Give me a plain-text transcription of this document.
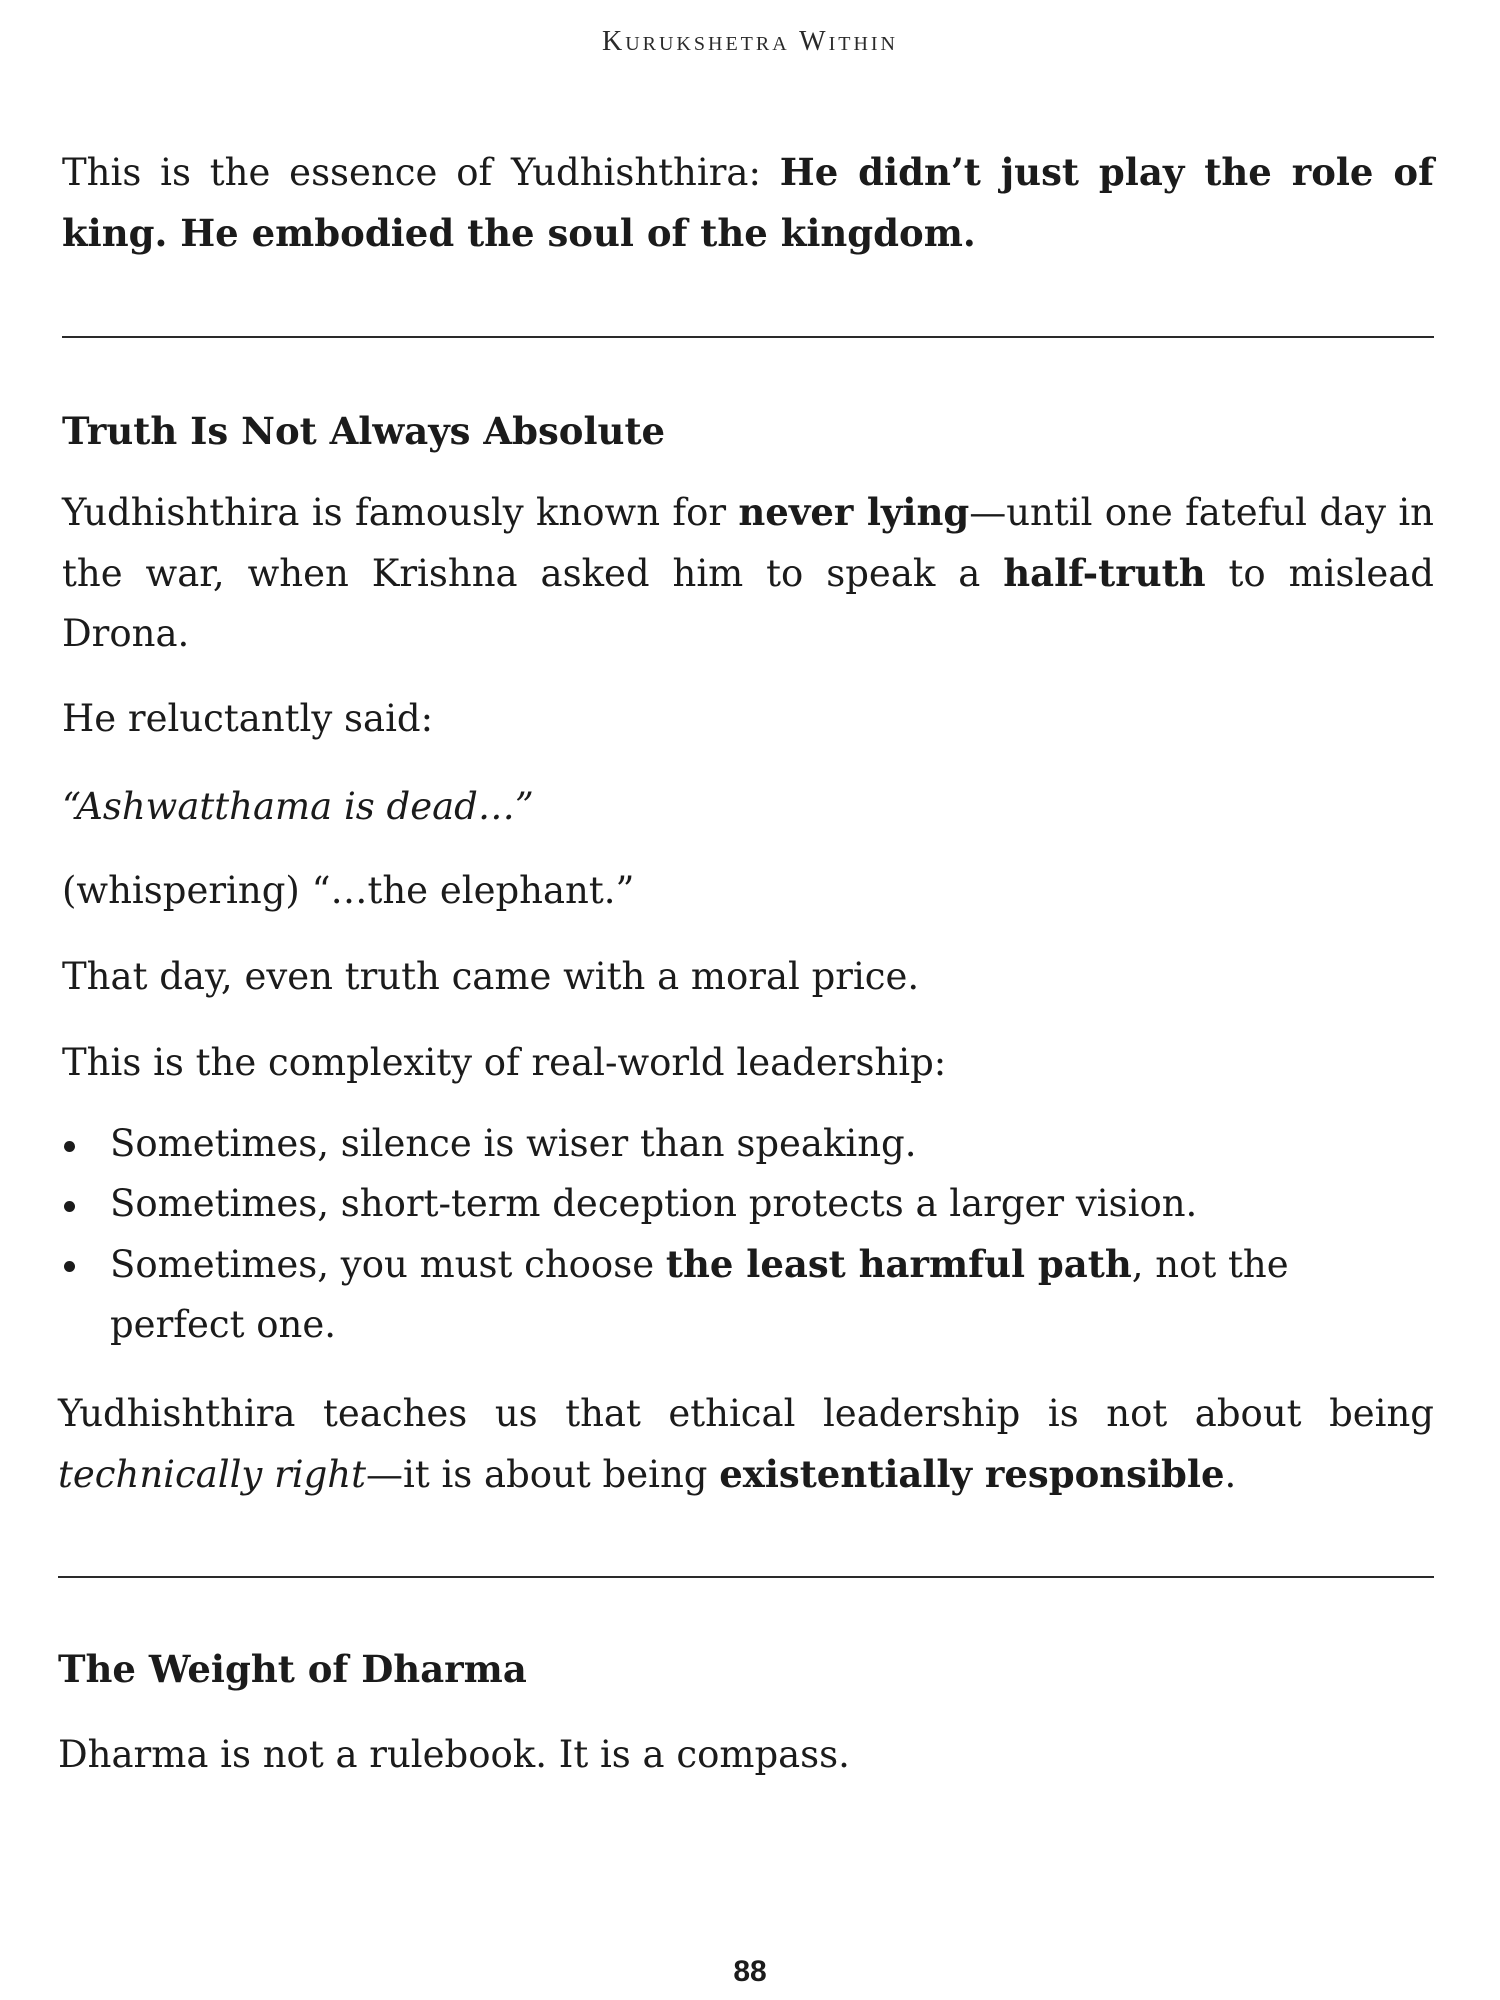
Kurukshetra Within

This is the essence of Yudhishthira: He didn’t just play the role of king. He embodied the soul of the kingdom.

Truth Is Not Always Absolute

Yudhishthira is famously known for never lying—until one fateful day in the war, when Krishna asked him to speak a half-truth to mislead Drona.

He reluctantly said:

“Ashwatthama is dead…”

(whispering) “…the elephant.”

That day, even truth came with a moral price.

This is the complexity of real-world leadership:

Sometimes, silence is wiser than speaking.
Sometimes, short-term deception protects a larger vision.
Sometimes, you must choose the least harmful path, not the perfect one.

Yudhishthira teaches us that ethical leadership is not about being technically right—it is about being existentially responsible.

The Weight of Dharma

Dharma is not a rulebook. It is a compass.

88
